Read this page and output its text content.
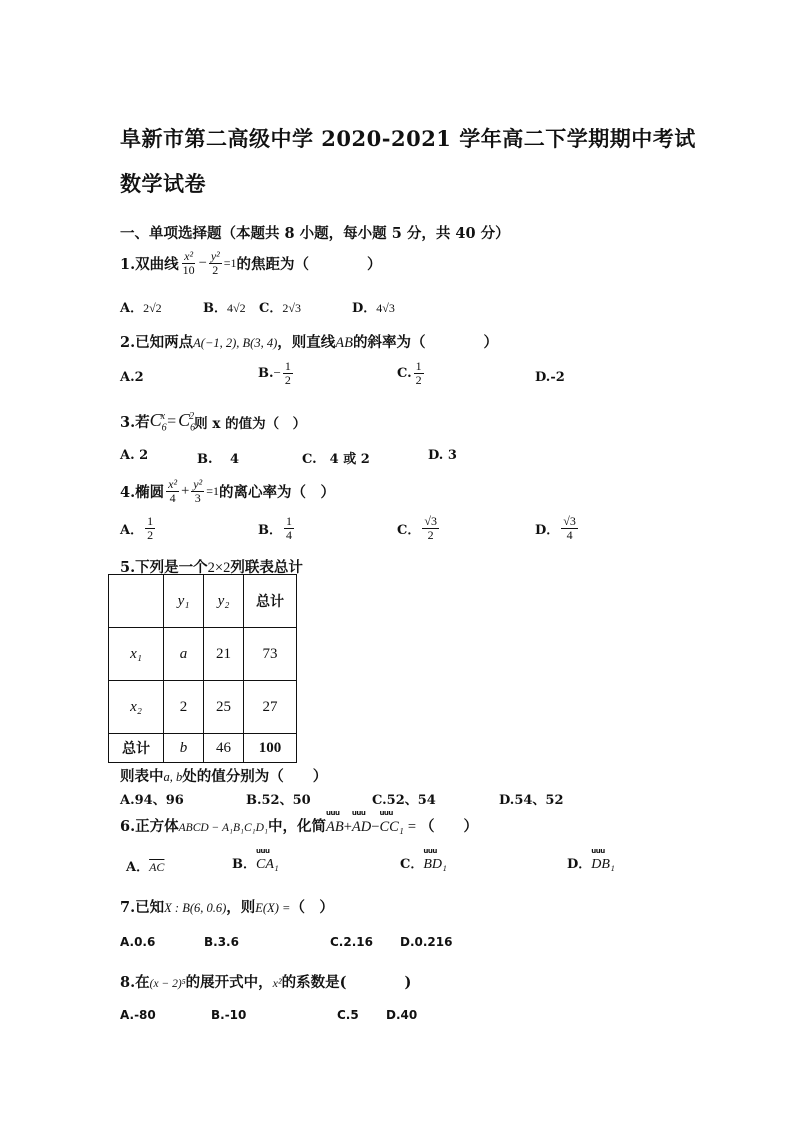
阜新市第二高级中学 2020-2021 学年高二下学期期中考试
数学试卷
一、单项选择题（本题共 8 小题，每小题 5 分，共 40 分）
1.双曲线 $\frac{\text{x²}}{10} - \frac{\text{y²}}{2} =1$ 的焦距为（　　　　）
A．2√2	B．4√2 C．2√3	D．4√3
2.已知两点A(−1, 2), B(3, 4)，则直线AB的斜率为（　　　　）
A.2	B. − $\frac{1}{2}$	C. $\frac{1}{2}$	D.-2
3.若 $C_6^x = C_6^2$ 则 x 的值为（　）
A. 2	B.　 4	C.　4 或 2	D. 3
4.椭圆 $\frac{\text{x²}}{4} + \frac{\text{y²}}{3} =1$ 的离心率为（　）
A． $\frac{1}{2}$	B． $\frac{1}{4}$	C． $\frac{√3}{2}$	D． $\frac{√3}{4}$
5.下列是一个2×2列联表总计
	y₁	y₂	总计
x₁	a	21	73
x₂	2	25	27
总计	b	46	100
则表中a, b处的值分别为（　　）
A.94、96	B.52、50	C.52、54	D.54、52
6.正方体ABCD − A₁B₁C₁D₁中，化简
uuu
AB+
uuu
AD−
uuu
CC₁ = （　　）
A．$\overline{AC}$	B．
uuu
CA₁	C．
uuu
BD₁	D．
uuu
DB₁
7.已知X : B(6, 0.6)，则E(X) =（　）
A.0.6	B.3.6	C.2.16 D.0.216
8.在(x − 2)⁵的展开式中，x²的系数是(　　　　)
A.-80	B.-10	C.5 D.40
